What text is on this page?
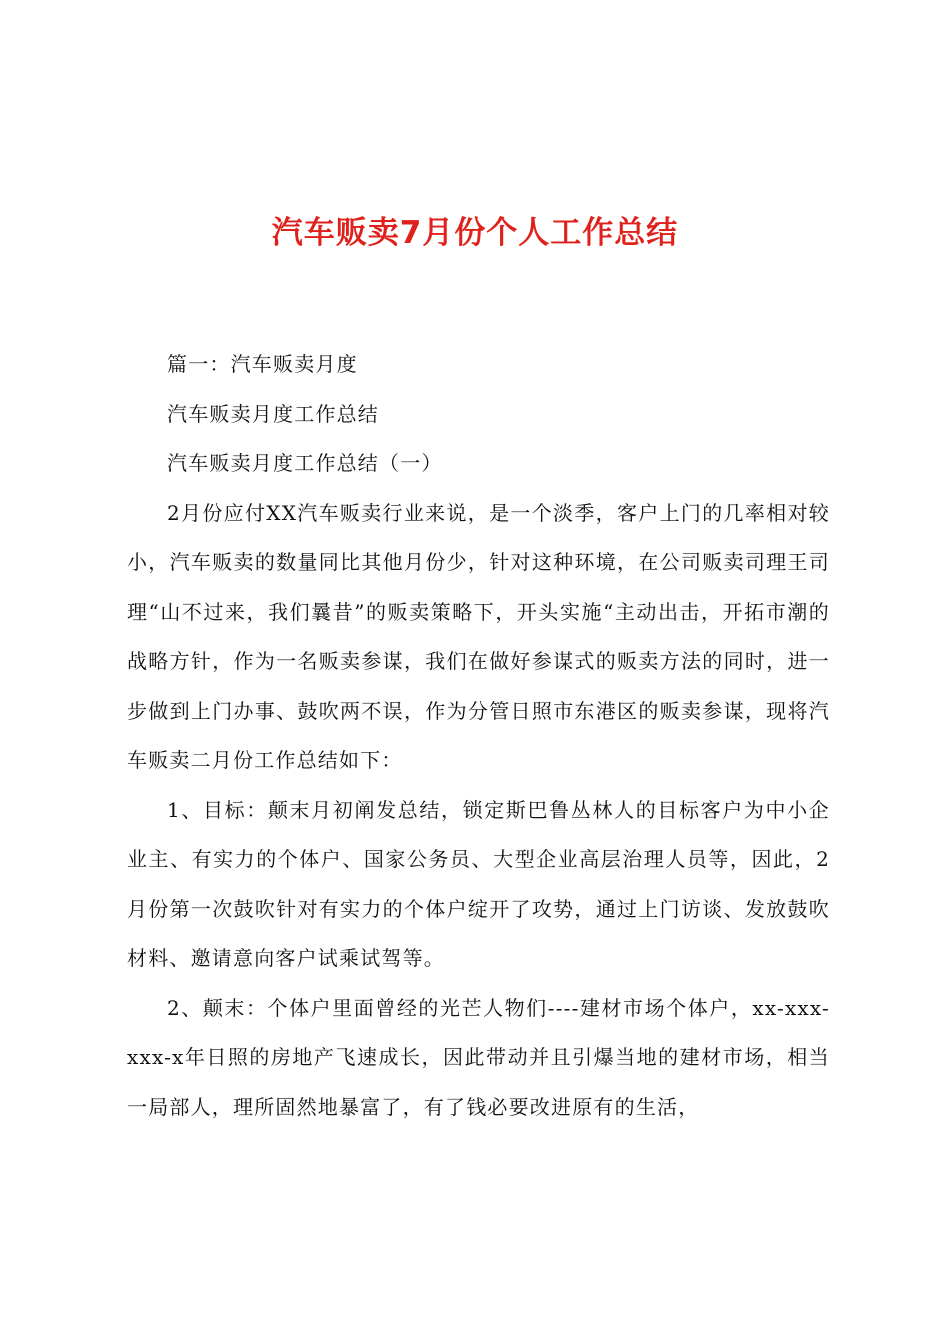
汽车贩卖7月份个人工作总结

篇一：汽车贩卖月度

汽车贩卖月度工作总结

汽车贩卖月度工作总结（一）

2月份应付XX汽车贩卖行业来说，是一个淡季，客户上门的几率相对较小，汽车贩卖的数量同比其他月份少，针对这种环境，在公司贩卖司理王司理“山不过来，我们曩昔”的贩卖策略下，开头实施“主动出击，开拓市潮的战略方针，作为一名贩卖参谋，我们在做好参谋式的贩卖方法的同时，进一步做到上门办事、鼓吹两不误，作为分管日照市东港区的贩卖参谋，现将汽车贩卖二月份工作总结如下：

1、目标：颠末月初阐发总结，锁定斯巴鲁丛林人的目标客户为中小企业主、有实力的个体户、国家公务员、大型企业高层治理人员等，因此，2月份第一次鼓吹针对有实力的个体户绽开了攻势，通过上门访谈、发放鼓吹材料、邀请意向客户试乘试驾等。

2、颠末：个体户里面曾经的光芒人物们----建材市场个体户，xx-xxx-xxx-x年日照的房地产飞速成长，因此带动并且引爆当地的建材市场，相当一局部人，理所固然地暴富了，有了钱必要改进原有的生活，
